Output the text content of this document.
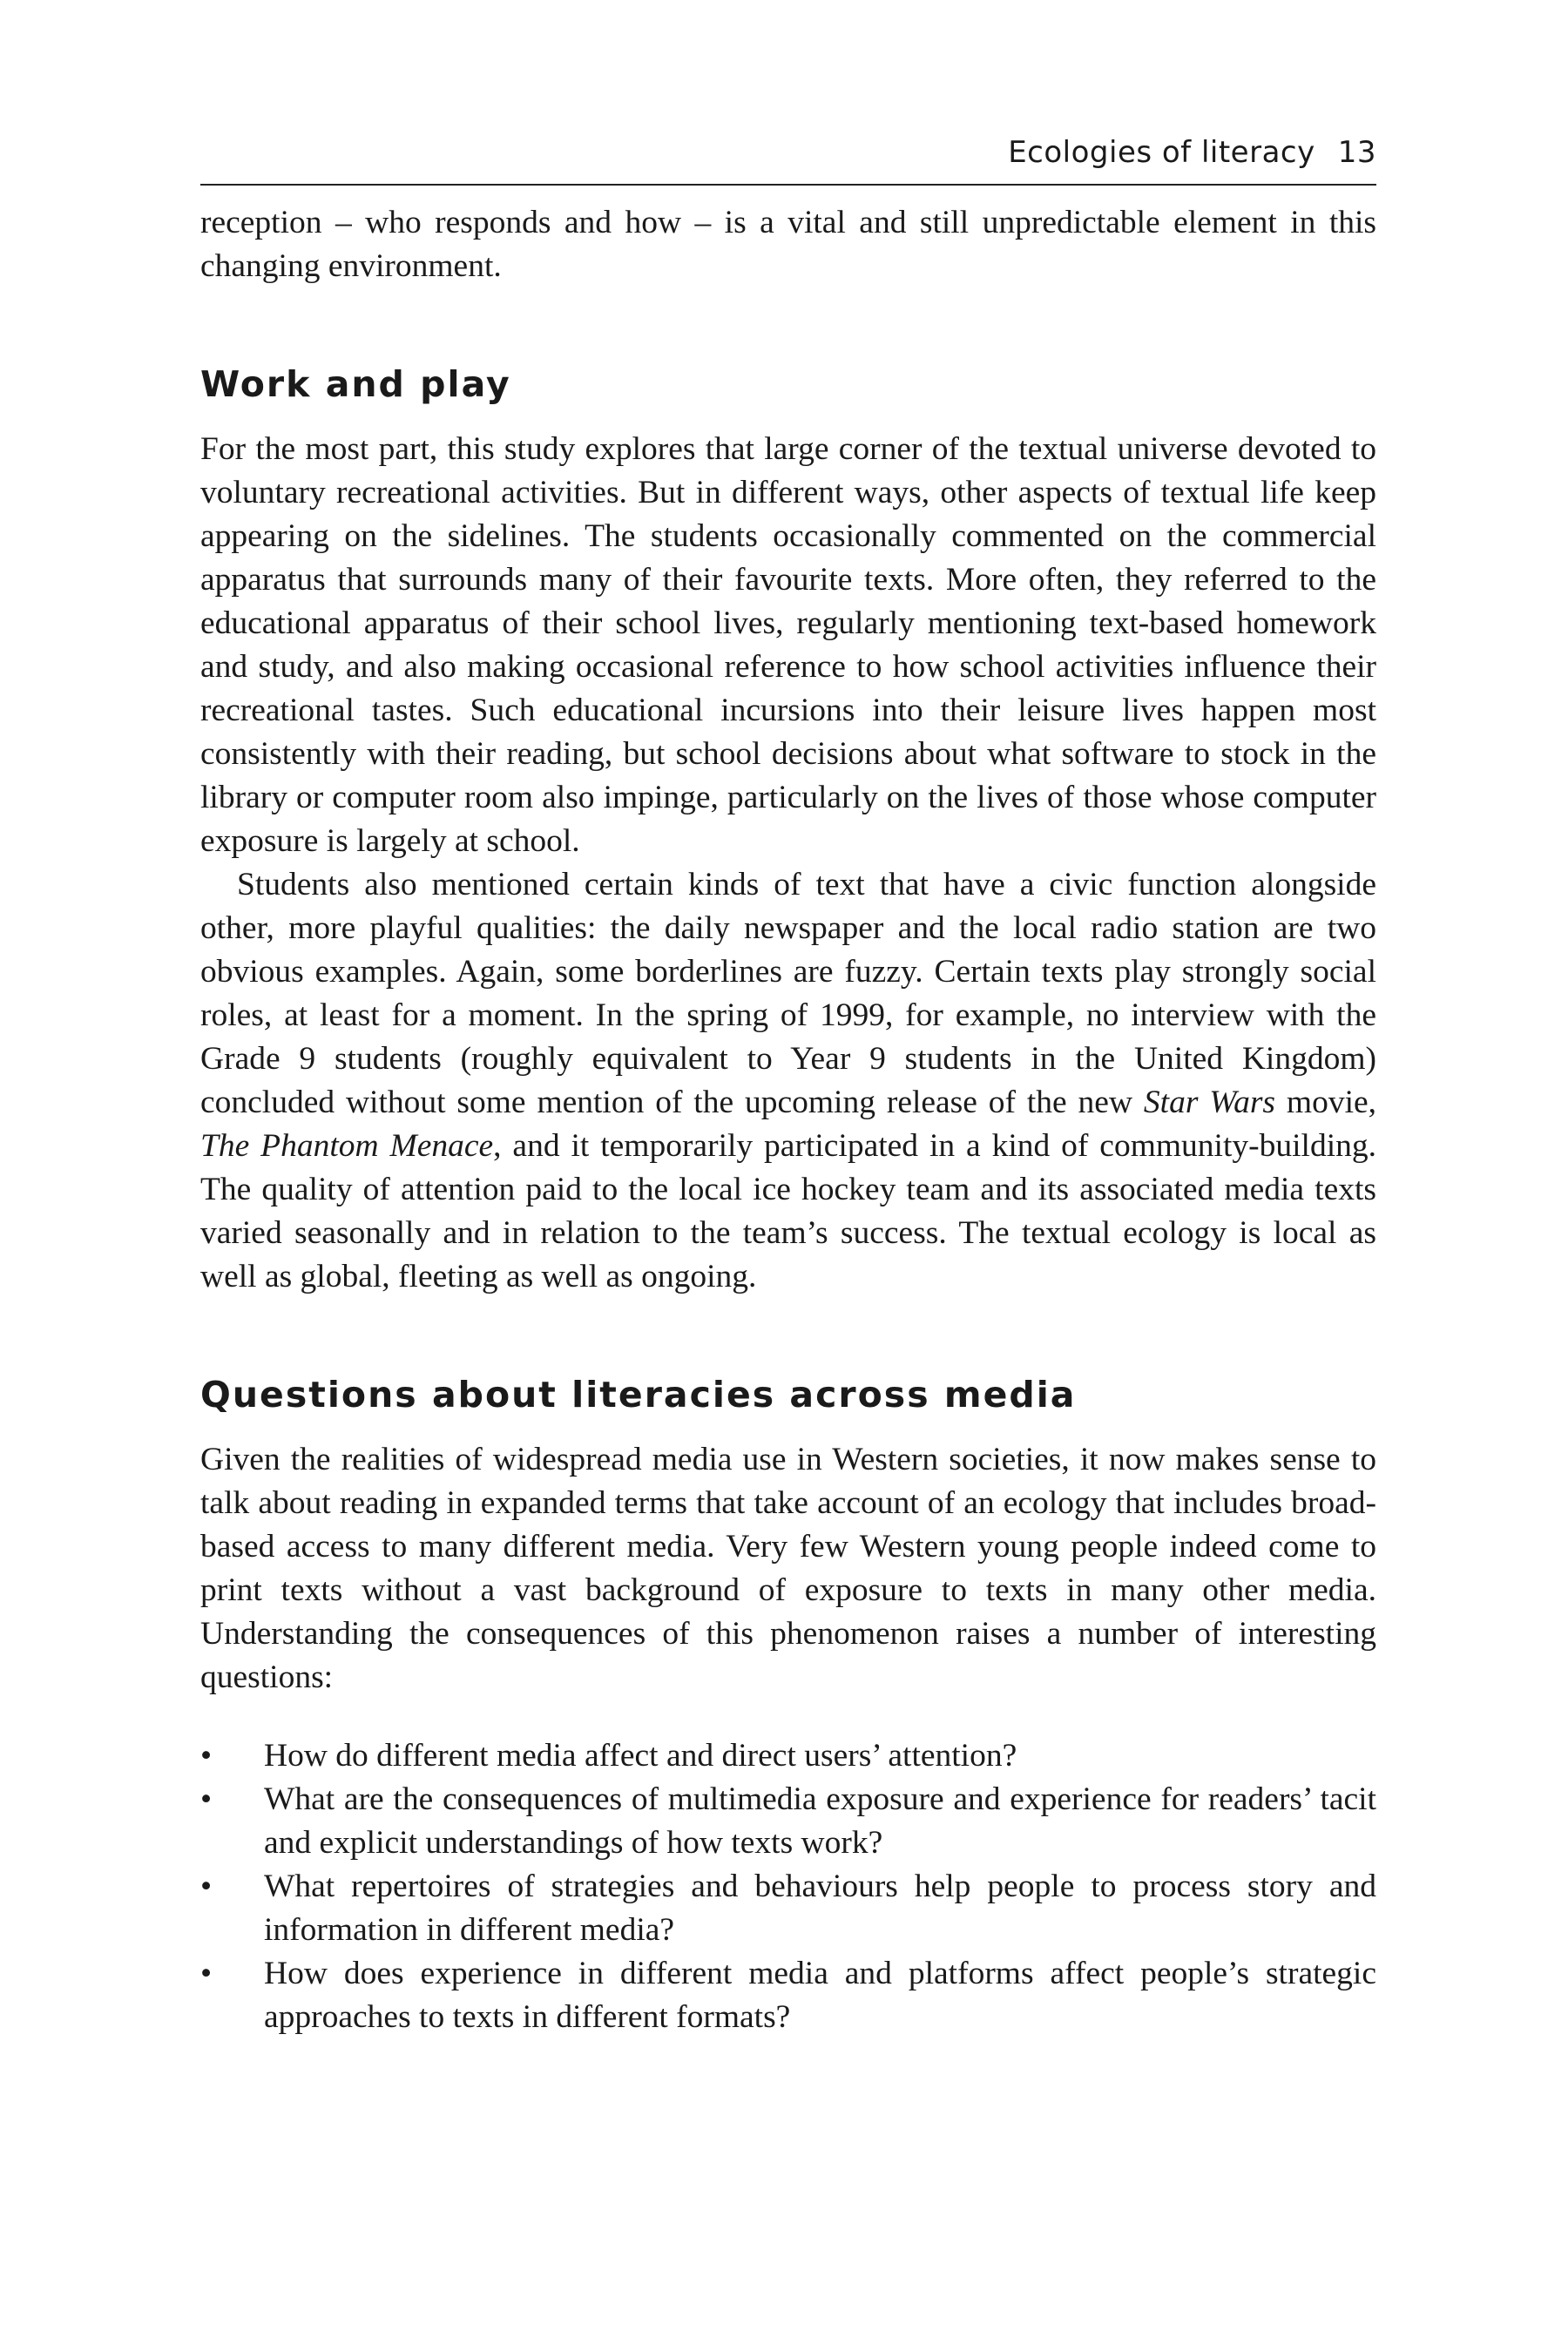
Ecologies of literacy 13

reception – who responds and how – is a vital and still unpredictable element in this changing environment.

Work and play

For the most part, this study explores that large corner of the textual universe devoted to voluntary recreational activities. But in different ways, other aspects of textual life keep appearing on the sidelines. The students occasionally commented on the commercial apparatus that surrounds many of their favourite texts. More often, they referred to the educational apparatus of their school lives, regularly mentioning text-based homework and study, and also making occasional reference to how school activities influence their recreational tastes. Such educational incursions into their leisure lives happen most consistently with their reading, but school decisions about what software to stock in the library or computer room also impinge, particularly on the lives of those whose computer exposure is largely at school.

Students also mentioned certain kinds of text that have a civic function alongside other, more playful qualities: the daily newspaper and the local radio station are two obvious examples. Again, some borderlines are fuzzy. Certain texts play strongly social roles, at least for a moment. In the spring of 1999, for example, no interview with the Grade 9 students (roughly equivalent to Year 9 students in the United Kingdom) concluded without some mention of the upcoming release of the new Star Wars movie, The Phantom Menace, and it temporarily participated in a kind of community-building. The quality of attention paid to the local ice hockey team and its associated media texts varied seasonally and in relation to the team’s success. The textual ecology is local as well as global, fleeting as well as ongoing.

Questions about literacies across media

Given the realities of widespread media use in Western societies, it now makes sense to talk about reading in expanded terms that take account of an ecology that includes broad-based access to many different media. Very few Western young people indeed come to print texts without a vast background of exposure to texts in many other media. Understanding the consequences of this phenomenon raises a number of interesting questions:

• How do different media affect and direct users’ attention?
• What are the consequences of multimedia exposure and experience for readers’ tacit and explicit understandings of how texts work?
• What repertoires of strategies and behaviours help people to process story and information in different media?
• How does experience in different media and platforms affect people’s strategic approaches to texts in different formats?
